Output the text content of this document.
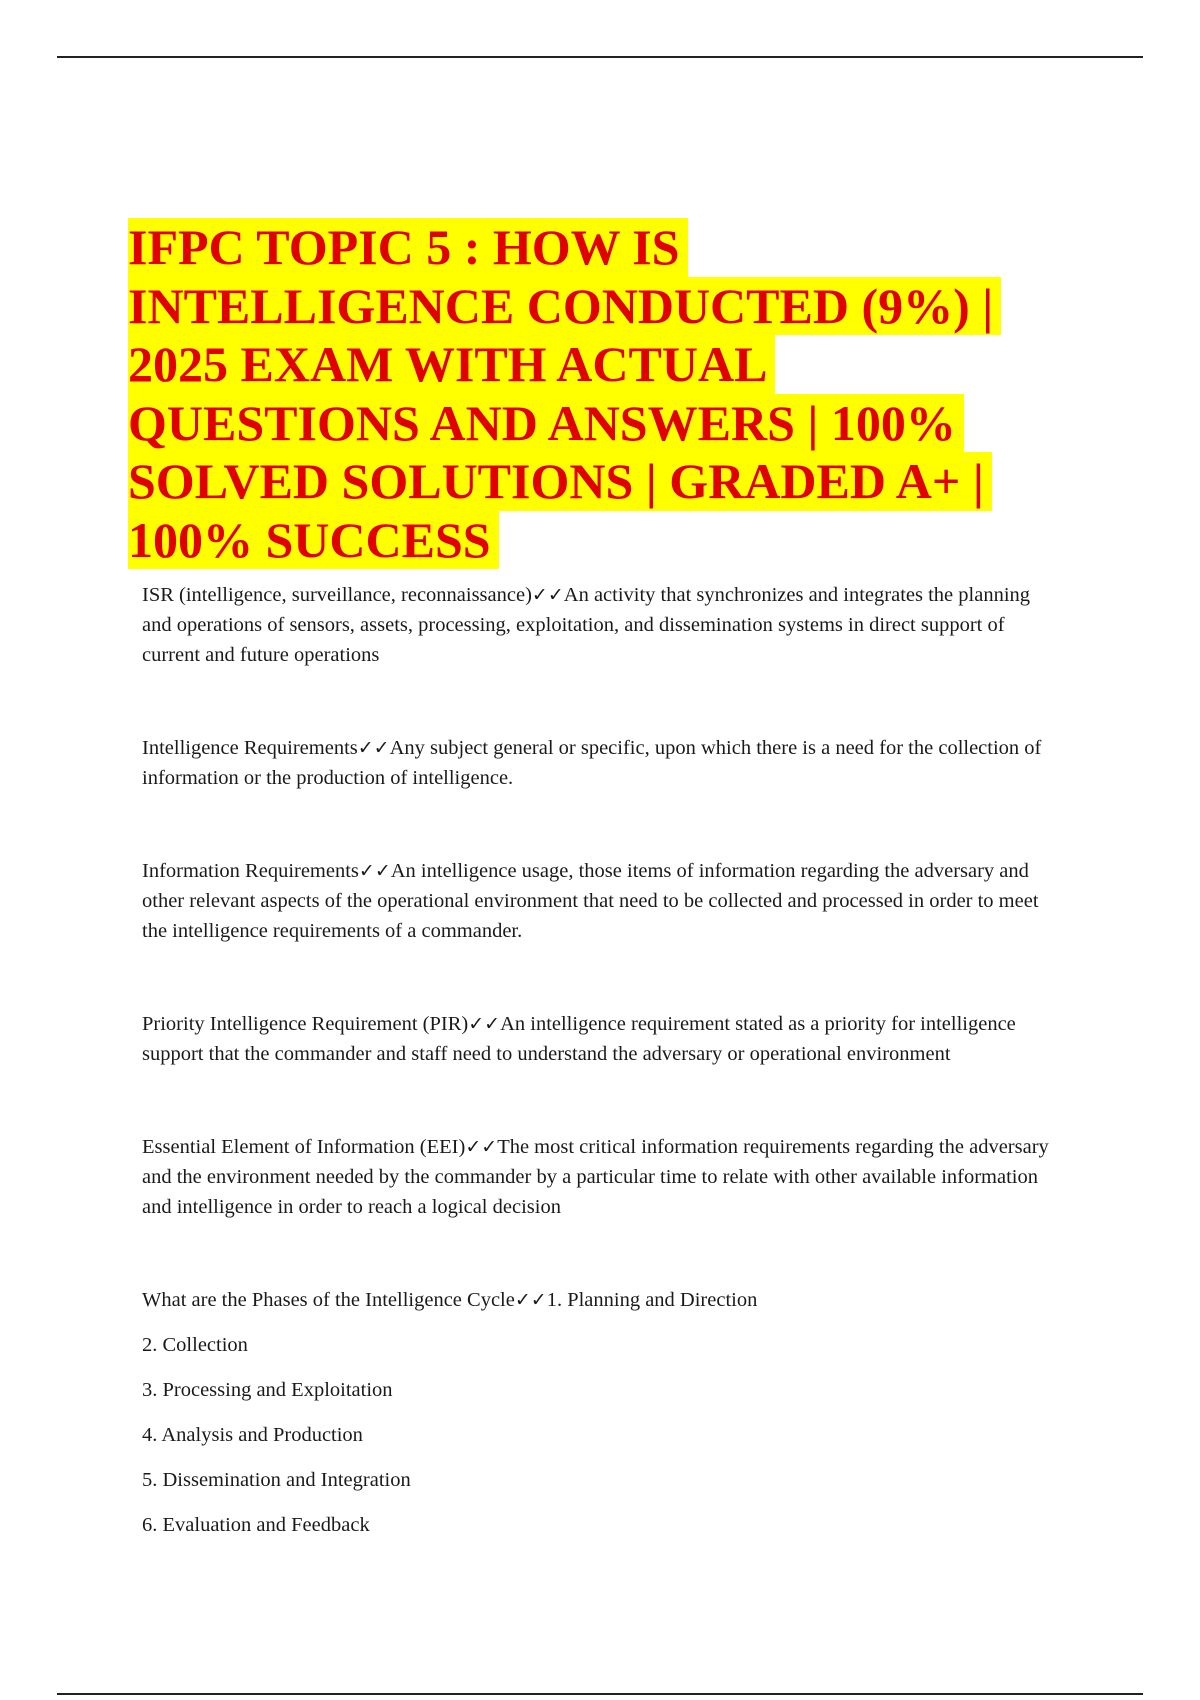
IFPC TOPIC 5 : HOW IS
INTELLIGENCE CONDUCTED (9%) |
2025 EXAM WITH ACTUAL
QUESTIONS AND ANSWERS | 100%
SOLVED SOLUTIONS | GRADED A+ |
100% SUCCESS

ISR (intelligence, surveillance, reconnaissance)✓✓An activity that synchronizes and integrates the planning and operations of sensors, assets, processing, exploitation, and dissemination systems in direct support of current and future operations

Intelligence Requirements✓✓Any subject general or specific, upon which there is a need for the collection of information or the production of intelligence.

Information Requirements✓✓An intelligence usage, those items of information regarding the adversary and other relevant aspects of the operational environment that need to be collected and processed in order to meet the intelligence requirements of a commander.

Priority Intelligence Requirement (PIR)✓✓An intelligence requirement stated as a priority for intelligence support that the commander and staff need to understand the adversary or operational environment

Essential Element of Information (EEI)✓✓The most critical information requirements regarding the adversary and the environment needed by the commander by a particular time to relate with other available information and intelligence in order to reach a logical decision

What are the Phases of the Intelligence Cycle✓✓1. Planning and Direction
2. Collection
3. Processing and Exploitation
4. Analysis and Production
5. Dissemination and Integration
6. Evaluation and Feedback
